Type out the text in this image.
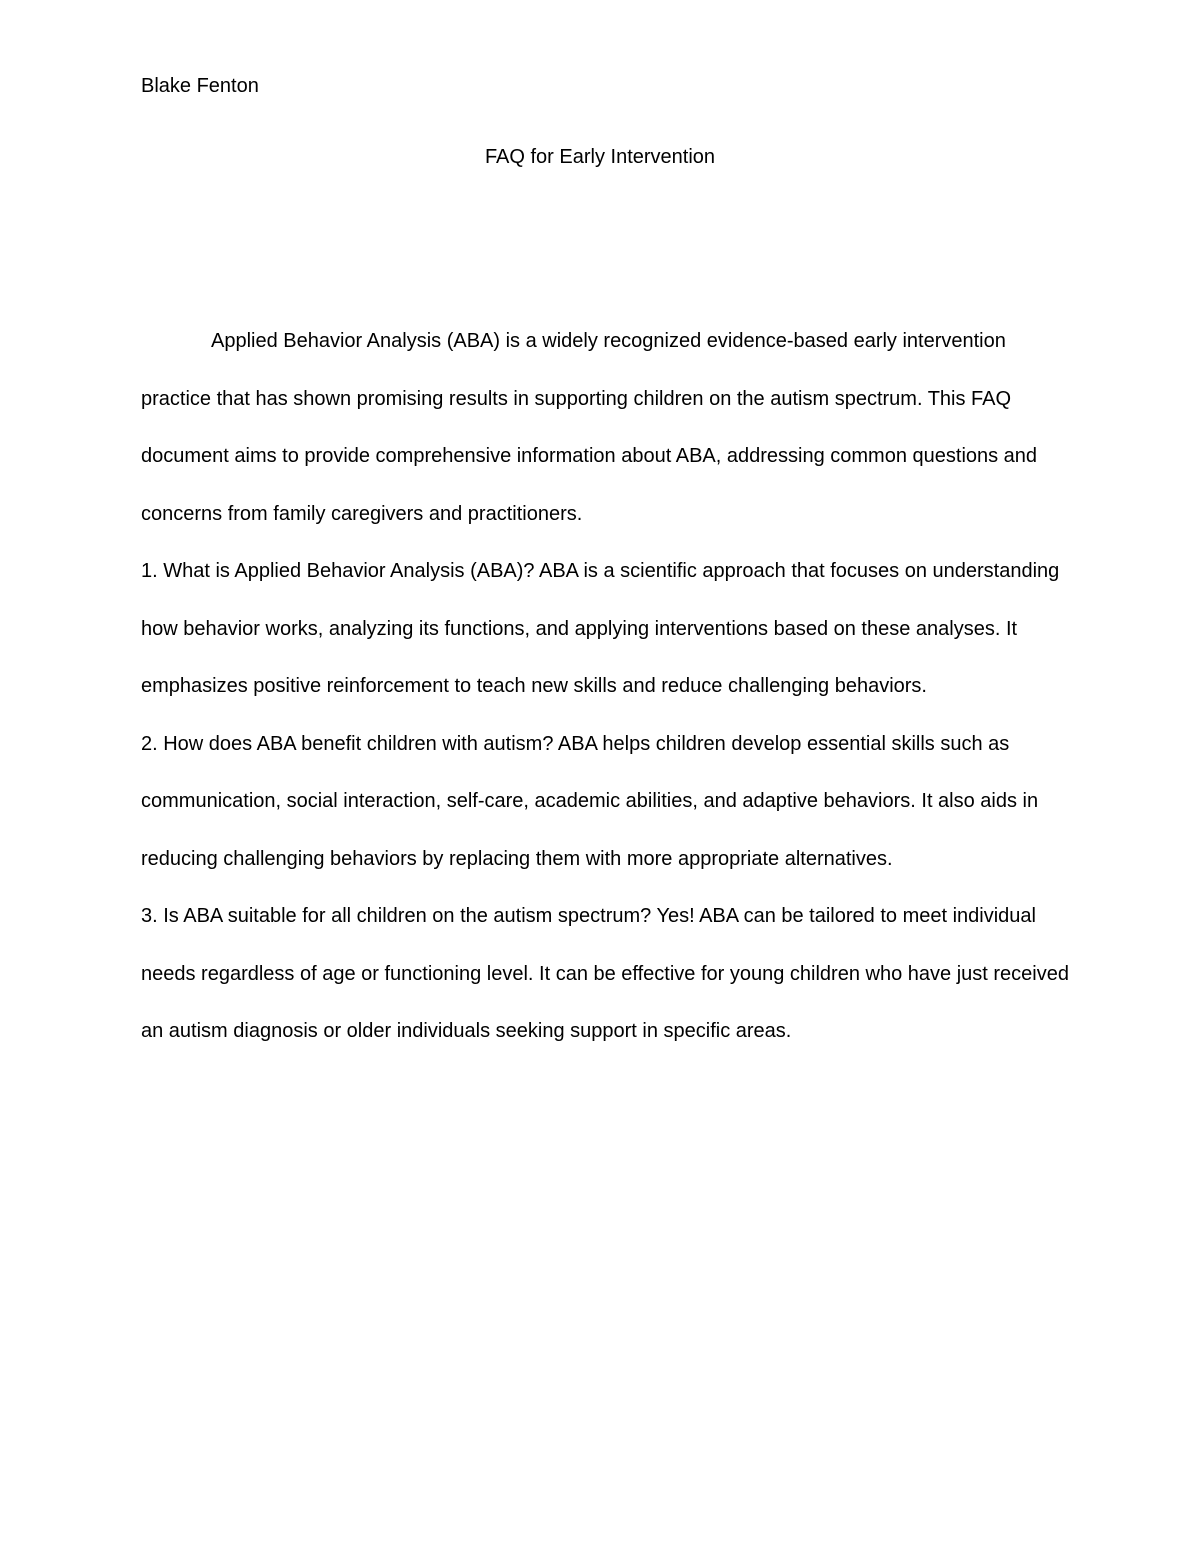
Blake Fenton
FAQ for Early Intervention

Applied Behavior Analysis (ABA) is a widely recognized evidence-based early intervention practice that has shown promising results in supporting children on the autism spectrum. This FAQ document aims to provide comprehensive information about ABA, addressing common questions and concerns from family caregivers and practitioners.

1. What is Applied Behavior Analysis (ABA)? ABA is a scientific approach that focuses on understanding how behavior works, analyzing its functions, and applying interventions based on these analyses. It emphasizes positive reinforcement to teach new skills and reduce challenging behaviors.

2. How does ABA benefit children with autism? ABA helps children develop essential skills such as communication, social interaction, self-care, academic abilities, and adaptive behaviors. It also aids in reducing challenging behaviors by replacing them with more appropriate alternatives.

3. Is ABA suitable for all children on the autism spectrum? Yes! ABA can be tailored to meet individual needs regardless of age or functioning level. It can be effective for young children who have just received an autism diagnosis or older individuals seeking support in specific areas.
